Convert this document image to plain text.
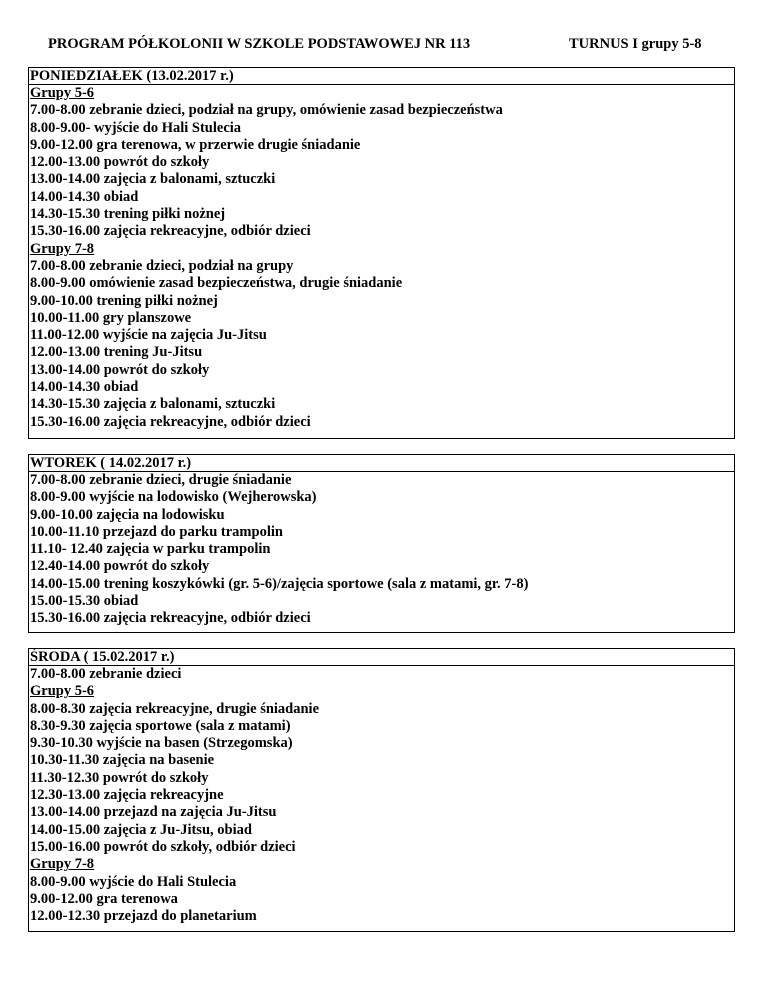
PROGRAM PÓŁKOLONII W SZKOLE PODSTAWOWEJ NR 113	TURNUS I grupy 5-8
PONIEDZIAŁEK (13.02.2017 r.)
Grupy 5-6
7.00-8.00 zebranie dzieci, podział na grupy, omówienie zasad bezpieczeństwa
8.00-9.00- wyjście do Hali Stulecia
9.00-12.00 gra terenowa, w przerwie drugie śniadanie
12.00-13.00 powrót do szkoły
13.00-14.00 zajęcia z balonami, sztuczki
14.00-14.30 obiad
14.30-15.30 trening piłki nożnej
15.30-16.00 zajęcia rekreacyjne, odbiór dzieci
Grupy 7-8
7.00-8.00 zebranie dzieci, podział na grupy
8.00-9.00 omówienie zasad bezpieczeństwa, drugie śniadanie
9.00-10.00 trening piłki nożnej
10.00-11.00 gry planszowe
11.00-12.00 wyjście na zajęcia Ju-Jitsu
12.00-13.00 trening Ju-Jitsu
13.00-14.00 powrót do szkoły
14.00-14.30 obiad
14.30-15.30 zajęcia z balonami, sztuczki
15.30-16.00 zajęcia rekreacyjne, odbiór dzieci
WTOREK ( 14.02.2017 r.)
7.00-8.00 zebranie dzieci, drugie śniadanie
8.00-9.00 wyjście na lodowisko (Wejherowska)
9.00-10.00 zajęcia na lodowisku
10.00-11.10 przejazd do parku trampolin
11.10- 12.40 zajęcia w parku trampolin
12.40-14.00 powrót do szkoły
14.00-15.00 trening koszykówki (gr. 5-6)/zajęcia sportowe (sala z matami, gr. 7-8)
15.00-15.30 obiad
15.30-16.00 zajęcia rekreacyjne, odbiór dzieci
ŚRODA ( 15.02.2017 r.)
7.00-8.00 zebranie dzieci
Grupy 5-6
8.00-8.30 zajęcia rekreacyjne, drugie śniadanie
8.30-9.30 zajęcia sportowe (sala z matami)
9.30-10.30 wyjście na basen (Strzegomska)
10.30-11.30 zajęcia na basenie
11.30-12.30 powrót do szkoły
12.30-13.00 zajęcia rekreacyjne
13.00-14.00 przejazd na zajęcia Ju-Jitsu
14.00-15.00 zajęcia z Ju-Jitsu, obiad
15.00-16.00 powrót do szkoły, odbiór dzieci
Grupy 7-8
8.00-9.00 wyjście do Hali Stulecia
9.00-12.00 gra terenowa
12.00-12.30 przejazd do planetarium
